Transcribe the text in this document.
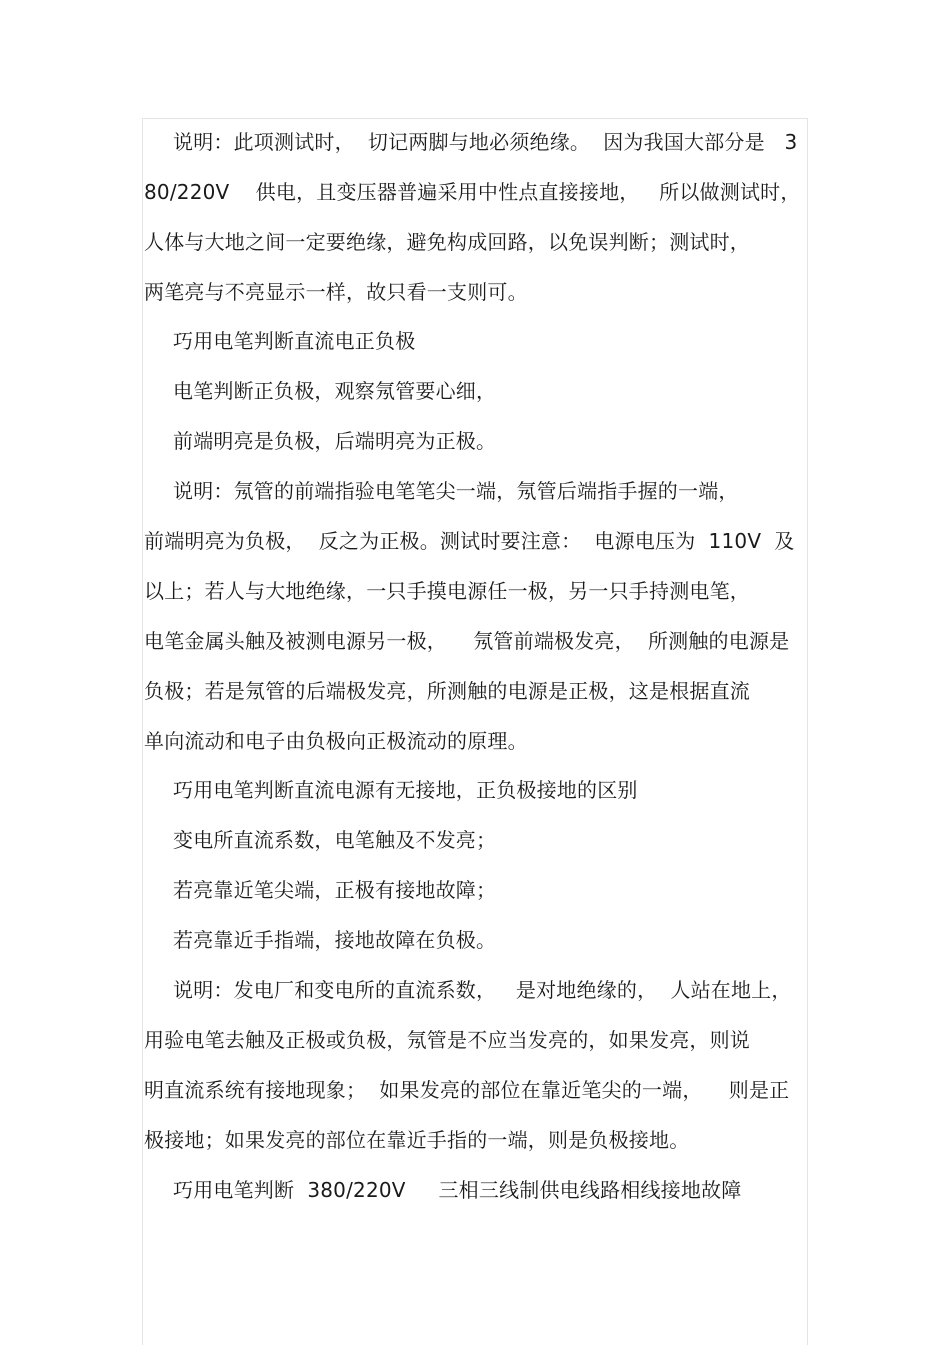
说明：此项测试时，  切记两脚与地必须绝缘。  因为我国大部分是   3
80/220V    供电，且变压器普遍采用中性点直接接地，   所以做测试时，
人体与大地之间一定要绝缘，避免构成回路，以免误判断；测试时，
两笔亮与不亮显示一样，故只看一支则可。
巧用电笔判断直流电正负极
电笔判断正负极，观察氖管要心细，
前端明亮是负极，后端明亮为正极。
说明：氖管的前端指验电笔笔尖一端，氖管后端指手握的一端，
前端明亮为负极，  反之为正极。测试时要注意：  电源电压为  110V  及
以上；若人与大地绝缘，一只手摸电源任一极，另一只手持测电笔，
电笔金属头触及被测电源另一极，    氖管前端极发亮，  所测触的电源是
负极；若是氖管的后端极发亮，所测触的电源是正极，这是根据直流
单向流动和电子由负极向正极流动的原理。
巧用电笔判断直流电源有无接地，正负极接地的区别
变电所直流系数，电笔触及不发亮；
若亮靠近笔尖端，正极有接地故障；
若亮靠近手指端，接地故障在负极。
说明：发电厂和变电所的直流系数，   是对地绝缘的，  人站在地上，
用验电笔去触及正极或负极，氖管是不应当发亮的，如果发亮，则说
明直流系统有接地现象；  如果发亮的部位在靠近笔尖的一端，    则是正
极接地；如果发亮的部位在靠近手指的一端，则是负极接地。
巧用电笔判断  380/220V     三相三线制供电线路相线接地故障
